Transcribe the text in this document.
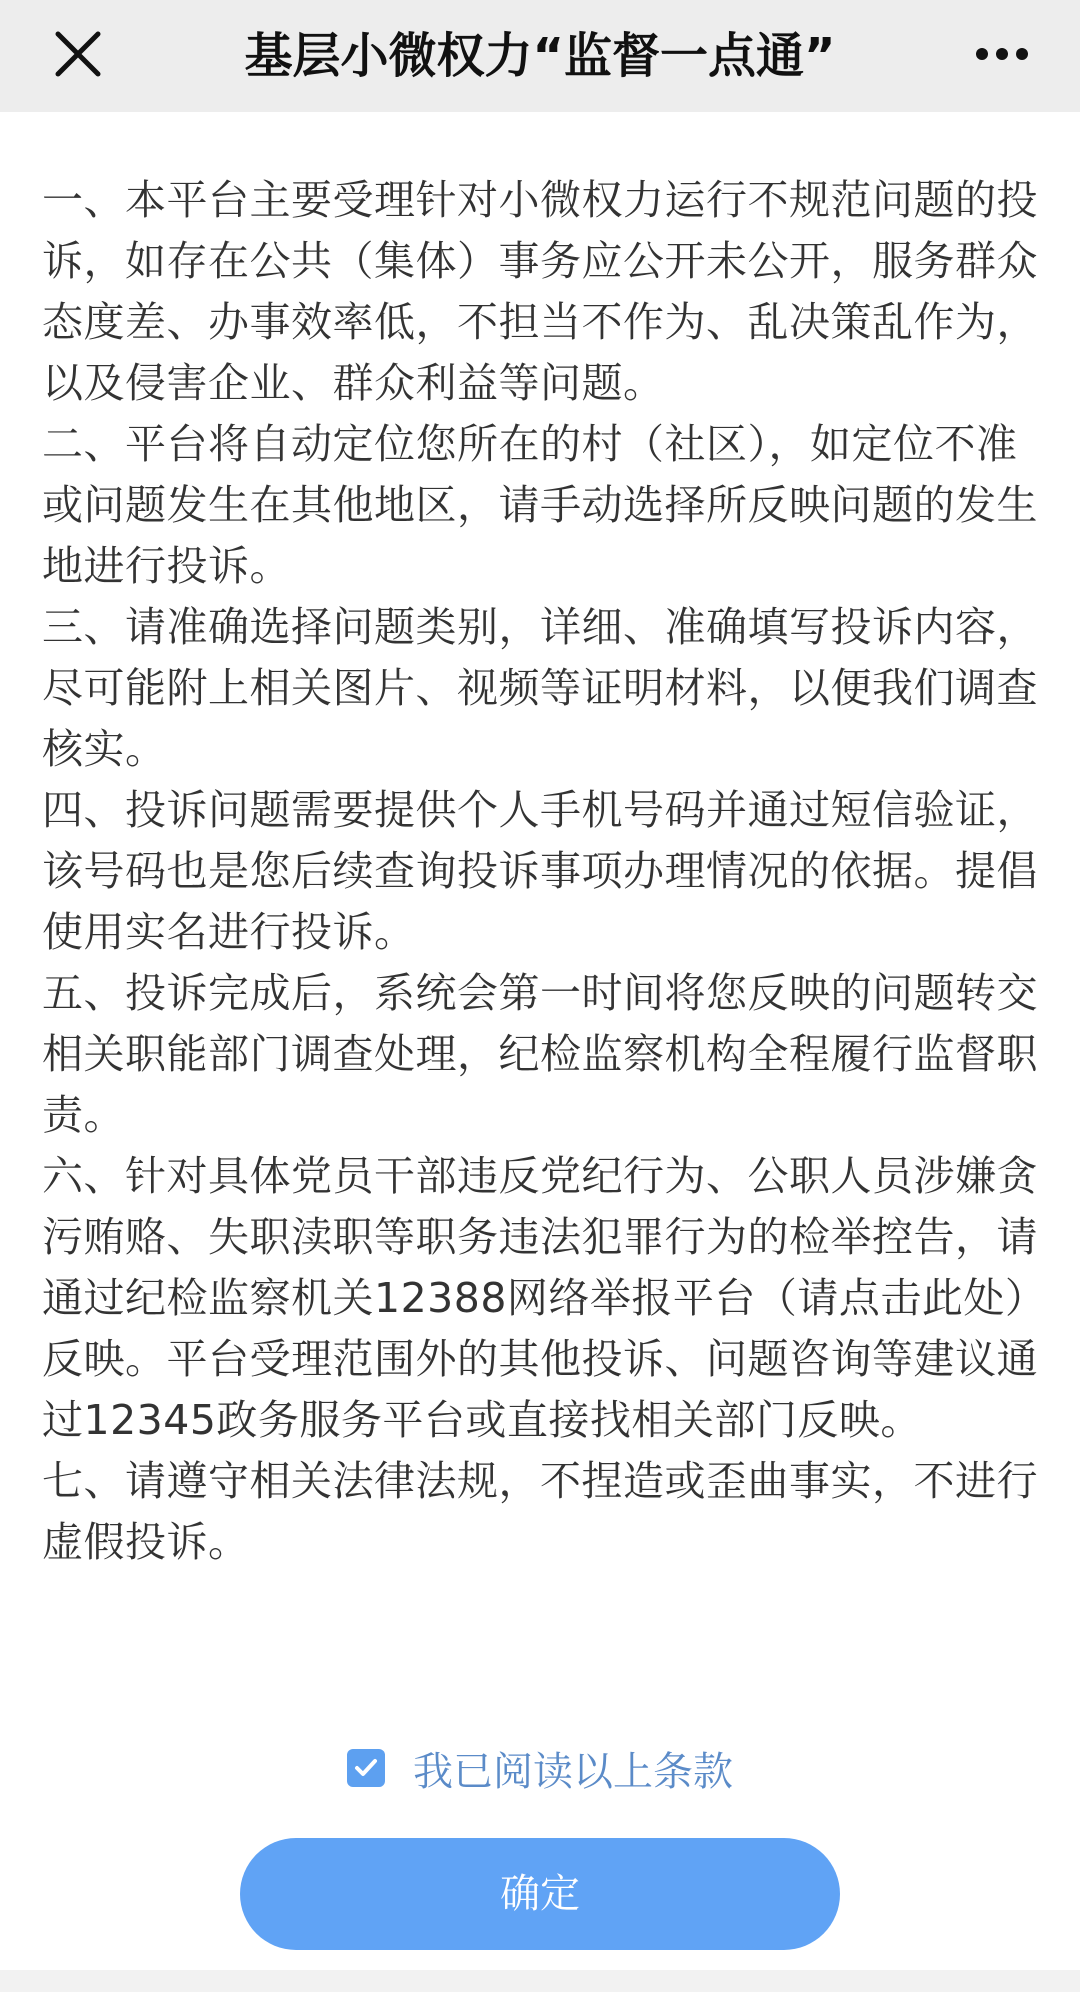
基层小微权力“监督一点通”

一、本平台主要受理针对小微权力运行不规范问题的投诉，如存在公共（集体）事务应公开未公开，服务群众态度差、办事效率低，不担当不作为、乱决策乱作为，以及侵害企业、群众利益等问题。

二、平台将自动定位您所在的村（社区），如定位不准或问题发生在其他地区，请手动选择所反映问题的发生地进行投诉。

三、请准确选择问题类别，详细、准确填写投诉内容，尽可能附上相关图片、视频等证明材料，以便我们调查核实。

四、投诉问题需要提供个人手机号码并通过短信验证，该号码也是您后续查询投诉事项办理情况的依据。提倡使用实名进行投诉。

五、投诉完成后，系统会第一时间将您反映的问题转交相关职能部门调查处理，纪检监察机构全程履行监督职责。

六、针对具体党员干部违反党纪行为、公职人员涉嫌贪污贿赂、失职渎职等职务违法犯罪行为的检举控告，请通过纪检监察机关12388网络举报平台（请点击此处）反映。平台受理范围外的其他投诉、问题咨询等建议通过12345政务服务平台或直接找相关部门反映。

七、请遵守相关法律法规，不捏造或歪曲事实，不进行虚假投诉。

我已阅读以上条款
确定
